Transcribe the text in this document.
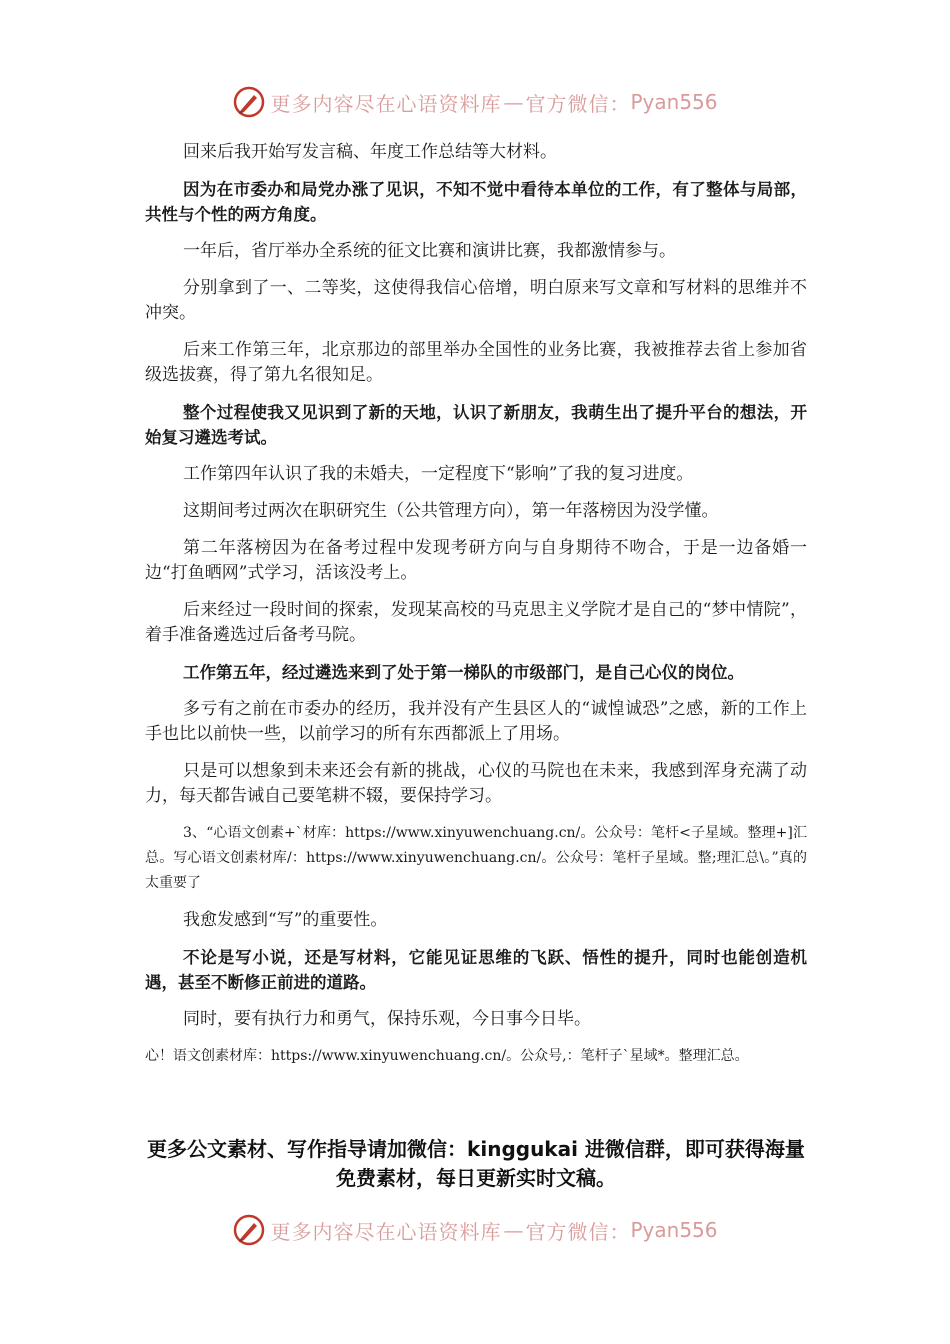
更多内容尽在心语资料库 — 官方微信： Pyan556

回来后我开始写发言稿、年度工作总结等大材料。

因为在市委办和局党办涨了见识，不知不觉中看待本单位的工作，有了整体与局部，共性与个性的两方角度。

一年后，省厅举办全系统的征文比赛和演讲比赛，我都激情参与。

分别拿到了一、二等奖，这使得我信心倍增，明白原来写文章和写材料的思维并不冲突。

后来工作第三年，北京那边的部里举办全国性的业务比赛，我被推荐去省上参加省级选拔赛，得了第九名很知足。

整个过程使我又见识到了新的天地，认识了新朋友，我萌生出了提升平台的想法，开始复习遴选考试。

工作第四年认识了我的未婚夫，一定程度下“影响”了我的复习进度。

这期间考过两次在职研究生（公共管理方向），第一年落榜因为没学懂。

第二年落榜因为在备考过程中发现考研方向与自身期待不吻合，于是一边备婚一边“打鱼晒网”式学习，活该没考上。

后来经过一段时间的探索，发现某高校的马克思主义学院才是自己的“梦中情院”，着手准备遴选过后备考马院。

工作第五年，经过遴选来到了处于第一梯队的市级部门，是自己心仪的岗位。

多亏有之前在市委办的经历，我并没有产生县区人的“诚惶诚恐”之感，新的工作上手也比以前快一些，以前学习的所有东西都派上了用场。

只是可以想象到未来还会有新的挑战，心仪的马院也在未来，我感到浑身充满了动力，每天都告诫自己要笔耕不辍，要保持学习。

3、“心语文创素+`材库：https://www.xinyuwenchuang.cn/。公众号：笔杆<子星域。整理+]汇总。写心语文创素材库/：https://www.xinyuwenchuang.cn/。公众号：笔杆子星域。整;理汇总\。”真的太重要了

我愈发感到“写”的重要性。

不论是写小说，还是写材料，它能见证思维的飞跃、悟性的提升，同时也能创造机遇，甚至不断修正前进的道路。

同时，要有执行力和勇气，保持乐观，今日事今日毕。

心！语文创素材库：https://www.xinyuwenchuang.cn/。公众号,：笔杆子`星域*。整理汇总。

更多公文素材、写作指导请加微信：kinggukai 进微信群，即可获得海量免费素材，每日更新实时文稿。
更多内容尽在心语资料库 — 官方微信： Pyan556
